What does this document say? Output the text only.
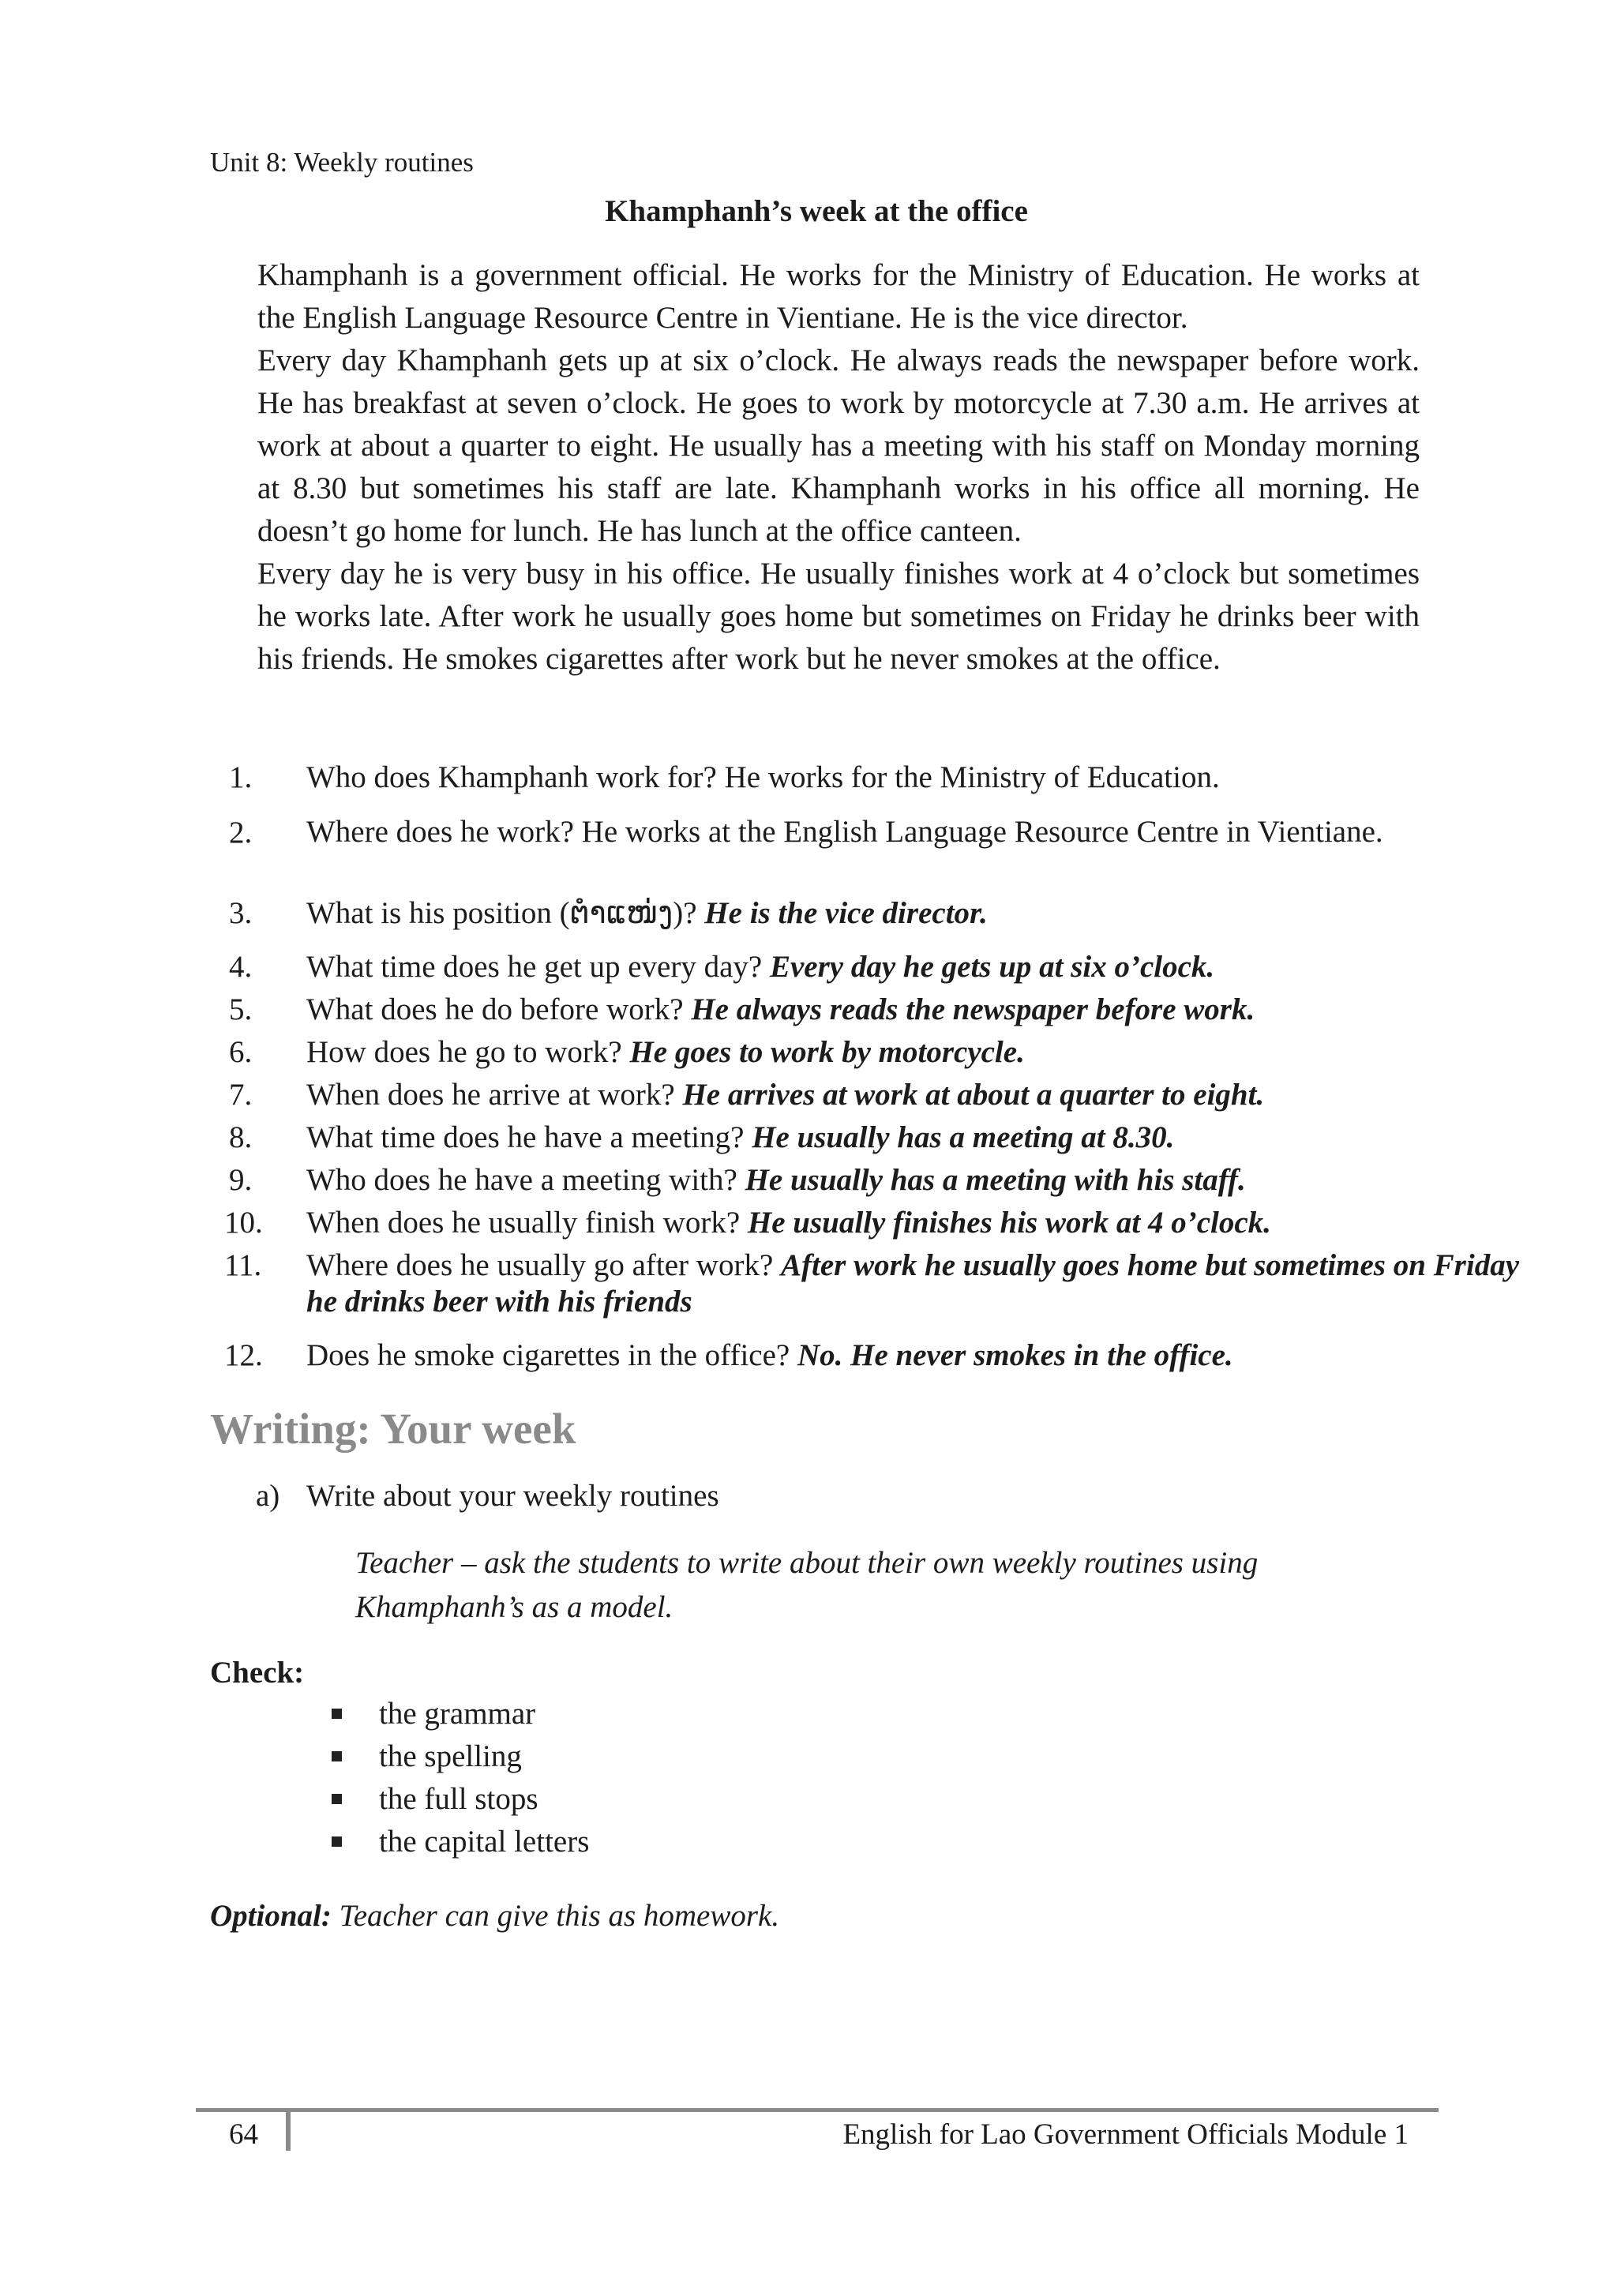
Unit 8: Weekly routines
Khamphanh’s week at the office
Khamphanh is a government official. He works for the Ministry of Education. He works at the English Language Resource Centre in Vientiane. He is the vice director.
Every day Khamphanh gets up at six o’clock. He always reads the newspaper before work. He has breakfast at seven o’clock. He goes to work by motorcycle at 7.30 a.m. He arrives at work at about a quarter to eight. He usually has a meeting with his staff on Monday morning at 8.30 but sometimes his staff are late. Khamphanh works in his office all morning. He doesn’t go home for lunch. He has lunch at the office canteen.
Every day he is very busy in his office. He usually finishes work at 4 o’clock but sometimes he works late. After work he usually goes home but sometimes on Friday he drinks beer with his friends. He smokes cigarettes after work but he never smokes at the office.
1.	Who does Khamphanh work for? He works for the Ministry of Education.
2.	Where does he work? He works at the English Language Resource Centre in Vientiane.
3.	What is his position (ຕຳແໜ່ງ)? He is the vice director.
4.	What time does he get up every day? Every day he gets up at six o’clock.
5.	What does he do before work? He always reads the newspaper before work.
6.	How does he go to work? He goes to work by motorcycle.
7.	When does he arrive at work? He arrives at work at about a quarter to eight.
8.	What time does he have a meeting? He usually has a meeting at 8.30.
9.	Who does he have a meeting with? He usually has a meeting with his staff.
10.	When does he usually finish work? He usually finishes his work at 4 o’clock.
11.	Where does he usually go after work? After work he usually goes home but sometimes on Friday he drinks beer with his friends
12.	Does he smoke cigarettes in the office? No. He never smokes in the office.
Writing: Your week
a) Write about your weekly routines
Teacher – ask the students to write about their own weekly routines using Khamphanh’s as a model.
Check:
the grammar
the spelling
the full stops
the capital letters
Optional: Teacher can give this as homework.
64	English for Lao Government Officials Module 1
